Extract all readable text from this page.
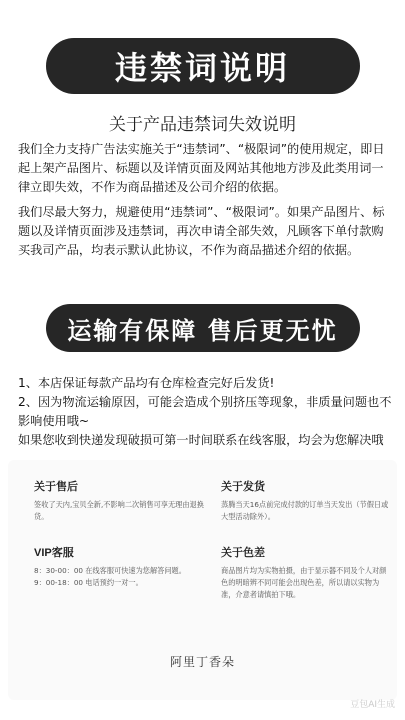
违禁词说明
关于产品违禁词失效说明

我们全力支持广告法实施关于“违禁词”、“极限词”的使用规定，即日起上架产品图片、标题以及详情页面及网站其他地方涉及此类用词一律立即失效，不作为商品描述及公司介绍的依据。

我们尽最大努力，规避使用“违禁词”、“极限词”。如果产品图片、标题以及详情页面涉及违禁词，再次申请全部失效，凡顾客下单付款购买我司产品，均表示默认此协议，不作为商品描述介绍的依据。

运输有保障 售后更无忧

1、本店保证每款产品均有仓库检查完好后发货!

2、因为物流运输原因，可能会造成个别挤压等现象，非质量问题也不影响使用哦~

如果您收到快递发现破损可第一时间联系在线客服，均会为您解决哦

关于售后

签收了天内,宝贝全新,不影响二次销售可享无理由退换货。

关于发货

蒸腾当天16点前完成付款的订单当天发出（节假日或大型活动除外）。

VIP客服

8：30-00：00 在线客服可快速为您解答问题。

9：00-18：00 电话预约一对一。

关于色差

商品图片均为实物拍摄，由于显示器不同及个人对颜色的明暗辨不同可能会出现色差，所以请以实物为准，介意者请慎拍下哦。

阿里丁香朵
豆包AI生成
